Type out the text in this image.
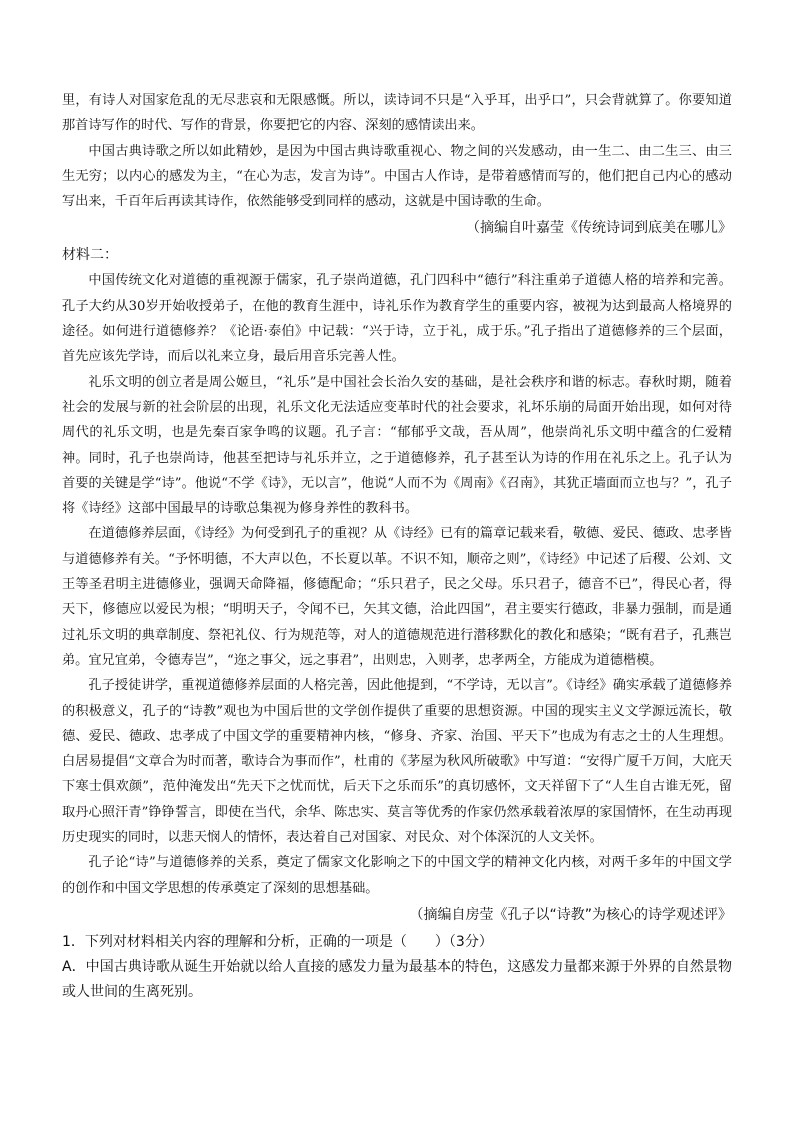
里，有诗人对国家危乱的无尽悲哀和无限感慨。所以，读诗词不只是“入乎耳，出乎口”，只会背就算了。你要知道那首诗写作的时代、写作的背景，你要把它的内容、深刻的感情读出来。

中国古典诗歌之所以如此精妙，是因为中国古典诗歌重视心、物之间的兴发感动，由一生二、由二生三、由三生无穷；以内心的感发为主，“在心为志，发言为诗”。中国古人作诗，是带着感情而写的，他们把自己内心的感动写出来，千百年后再读其诗作，依然能够受到同样的感动，这就是中国诗歌的生命。

（摘编自叶嘉莹《传统诗词到底美在哪儿》

材料二：

中国传统文化对道德的重视源于儒家，孔子崇尚道德，孔门四科中“德行”科注重弟子道德人格的培养和完善。孔子大约从30岁开始收授弟子，在他的教育生涯中，诗礼乐作为教育学生的重要内容，被视为达到最高人格境界的途径。如何进行道德修养？《论语·泰伯》中记载：“兴于诗，立于礼，成于乐。”孔子指出了道德修养的三个层面，首先应该先学诗，而后以礼来立身，最后用音乐完善人性。

礼乐文明的创立者是周公姬旦，“礼乐”是中国社会长治久安的基础，是社会秩序和谐的标志。春秋时期，随着社会的发展与新的社会阶层的出现，礼乐文化无法适应变革时代的社会要求，礼坏乐崩的局面开始出现，如何对待周代的礼乐文明，也是先秦百家争鸣的议题。孔子言：“郁郁乎文哉，吾从周”，他崇尚礼乐文明中蕴含的仁爱精神。同时，孔子也崇尚诗，他甚至把诗与礼乐并立，之于道德修养，孔子甚至认为诗的作用在礼乐之上。孔子认为首要的关键是学“诗”。他说“不学《诗》，无以言”，他说“人而不为《周南》《召南》，其犹正墙面而立也与？”，孔子将《诗经》这部中国最早的诗歌总集视为修身养性的教科书。

在道德修养层面，《诗经》为何受到孔子的重视？从《诗经》已有的篇章记载来看，敬德、爱民、德政、忠孝皆与道德修养有关。“予怀明德，不大声以色，不长夏以革。不识不知，顺帝之则”，《诗经》中记述了后稷、公刘、文王等圣君明主进德修业，强调天命降福，修德配命；“乐只君子，民之父母。乐只君子，德音不已”，得民心者，得天下，修德应以爱民为根；“明明天子，令闻不已，矢其文德，洽此四国”，君主要实行德政，非暴力强制，而是通过礼乐文明的典章制度、祭祀礼仪、行为规范等，对人的道德规范进行潜移默化的教化和感染；“既有君子，孔燕岂弟。宜兄宜弟，令德寿岂”，“迩之事父，远之事君”，出则忠，入则孝，忠孝两全，方能成为道德楷模。

孔子授徒讲学，重视道德修养层面的人格完善，因此他提到，“不学诗，无以言”。《诗经》确实承载了道德修养的积极意义，孔子的“诗教”观也为中国后世的文学创作提供了重要的思想资源。中国的现实主义文学源远流长，敬德、爱民、德政、忠孝成了中国文学的重要精神内核，“修身、齐家、治国、平天下”也成为有志之士的人生理想。白居易提倡“文章合为时而著，歌诗合为事而作”，杜甫的《茅屋为秋风所破歌》中写道：“安得广厦千万间，大庇天下寒士俱欢颜”，范仲淹发出“先天下之忧而忧，后天下之乐而乐”的真切感怀，文天祥留下了“人生自古谁无死，留取丹心照汗青”铮铮誓言，即使在当代，余华、陈忠实、莫言等优秀的作家仍然承载着浓厚的家国情怀，在生动再现历史现实的同时，以悲天悯人的情怀，表达着自己对国家、对民众、对个体深沉的人文关怀。

孔子论“诗”与道德修养的关系，奠定了儒家文化影响之下的中国文学的精神文化内核，对两千多年的中国文学的创作和中国文学思想的传承奠定了深刻的思想基础。

（摘编自房莹《孔子以“诗教”为核心的诗学观述评》

1．下列对材料相关内容的理解和分析，正确的一项是（　　）（3分）

A．中国古典诗歌从诞生开始就以给人直接的感发力量为最基本的特色，这感发力量都来源于外界的自然景物或人世间的生离死别。
